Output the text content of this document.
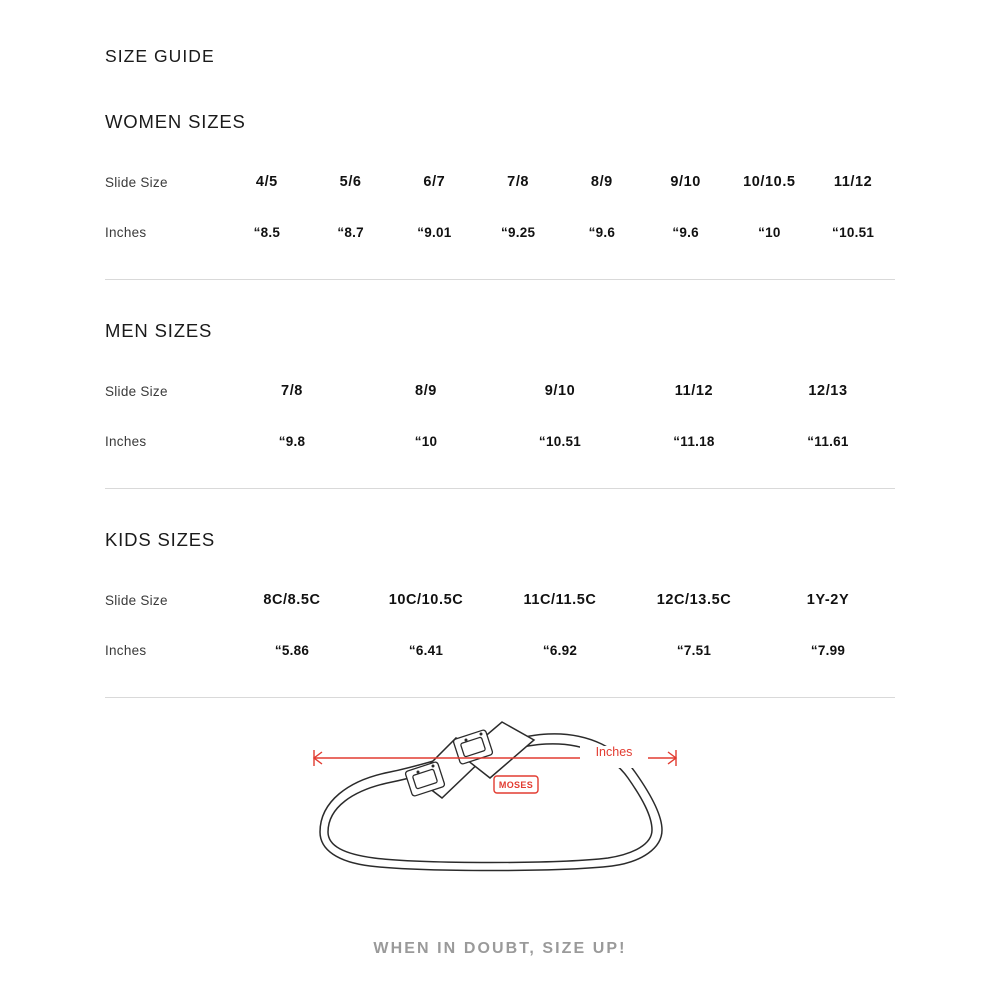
SIZE GUIDE
WOMEN SIZES
Slide Size	4/5	5/6	6/7	7/8	8/9	9/10	10/10.5	11/12
Inches	“8.5	“8.7	“9.01	“9.25	“9.6	“9.6	“10	“10.51
MEN SIZES
Slide Size	7/8	8/9	9/10	11/12	12/13
Inches	“9.8	“10	“10.51	“11.18	“11.61
KIDS SIZES
Slide Size	8C/8.5C	10C/10.5C	11C/11.5C	12C/13.5C	1Y-2Y
Inches	“5.86	“6.41	“6.92	“7.51	“7.99
MOSES
Inches
WHEN IN DOUBT, SIZE UP!
